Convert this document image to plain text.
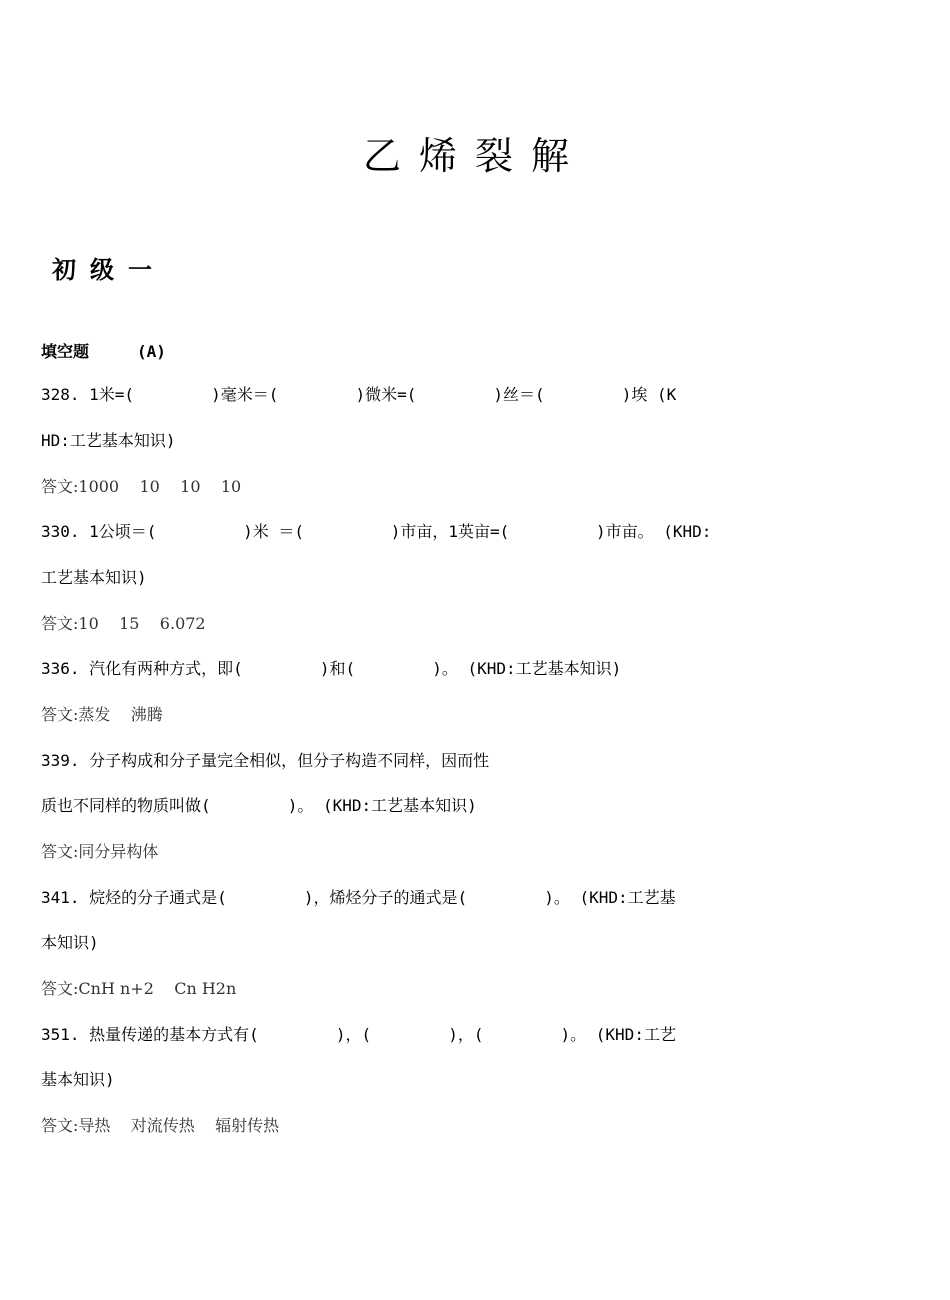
乙烯裂解
初级一
填空题	(A)
328. 1米=(        )毫米＝(        )微米=(        )丝＝(        )埃 (K
HD:工艺基本知识)
答文:1000    10    10    10
330. 1公顷＝(         )米 ＝(         )市亩，1英亩=(         )市亩。 (KHD:
工艺基本知识)
答文:10    15    6.072
336. 汽化有两种方式，即(        )和(        )。 (KHD:工艺基本知识)
答文:蒸发    沸腾
339. 分子构成和分子量完全相似，但分子构造不同样，因而性
质也不同样的物质叫做(        )。 (KHD:工艺基本知识)
答文:同分异构体
341. 烷烃的分子通式是(        )，烯烃分子的通式是(        )。 (KHD:工艺基
本知识)
答文:CnH n+2    Cn H2n
351. 热量传递的基本方式有(        )，(        )，(        )。 (KHD:工艺
基本知识)
答文:导热    对流传热    辐射传热
